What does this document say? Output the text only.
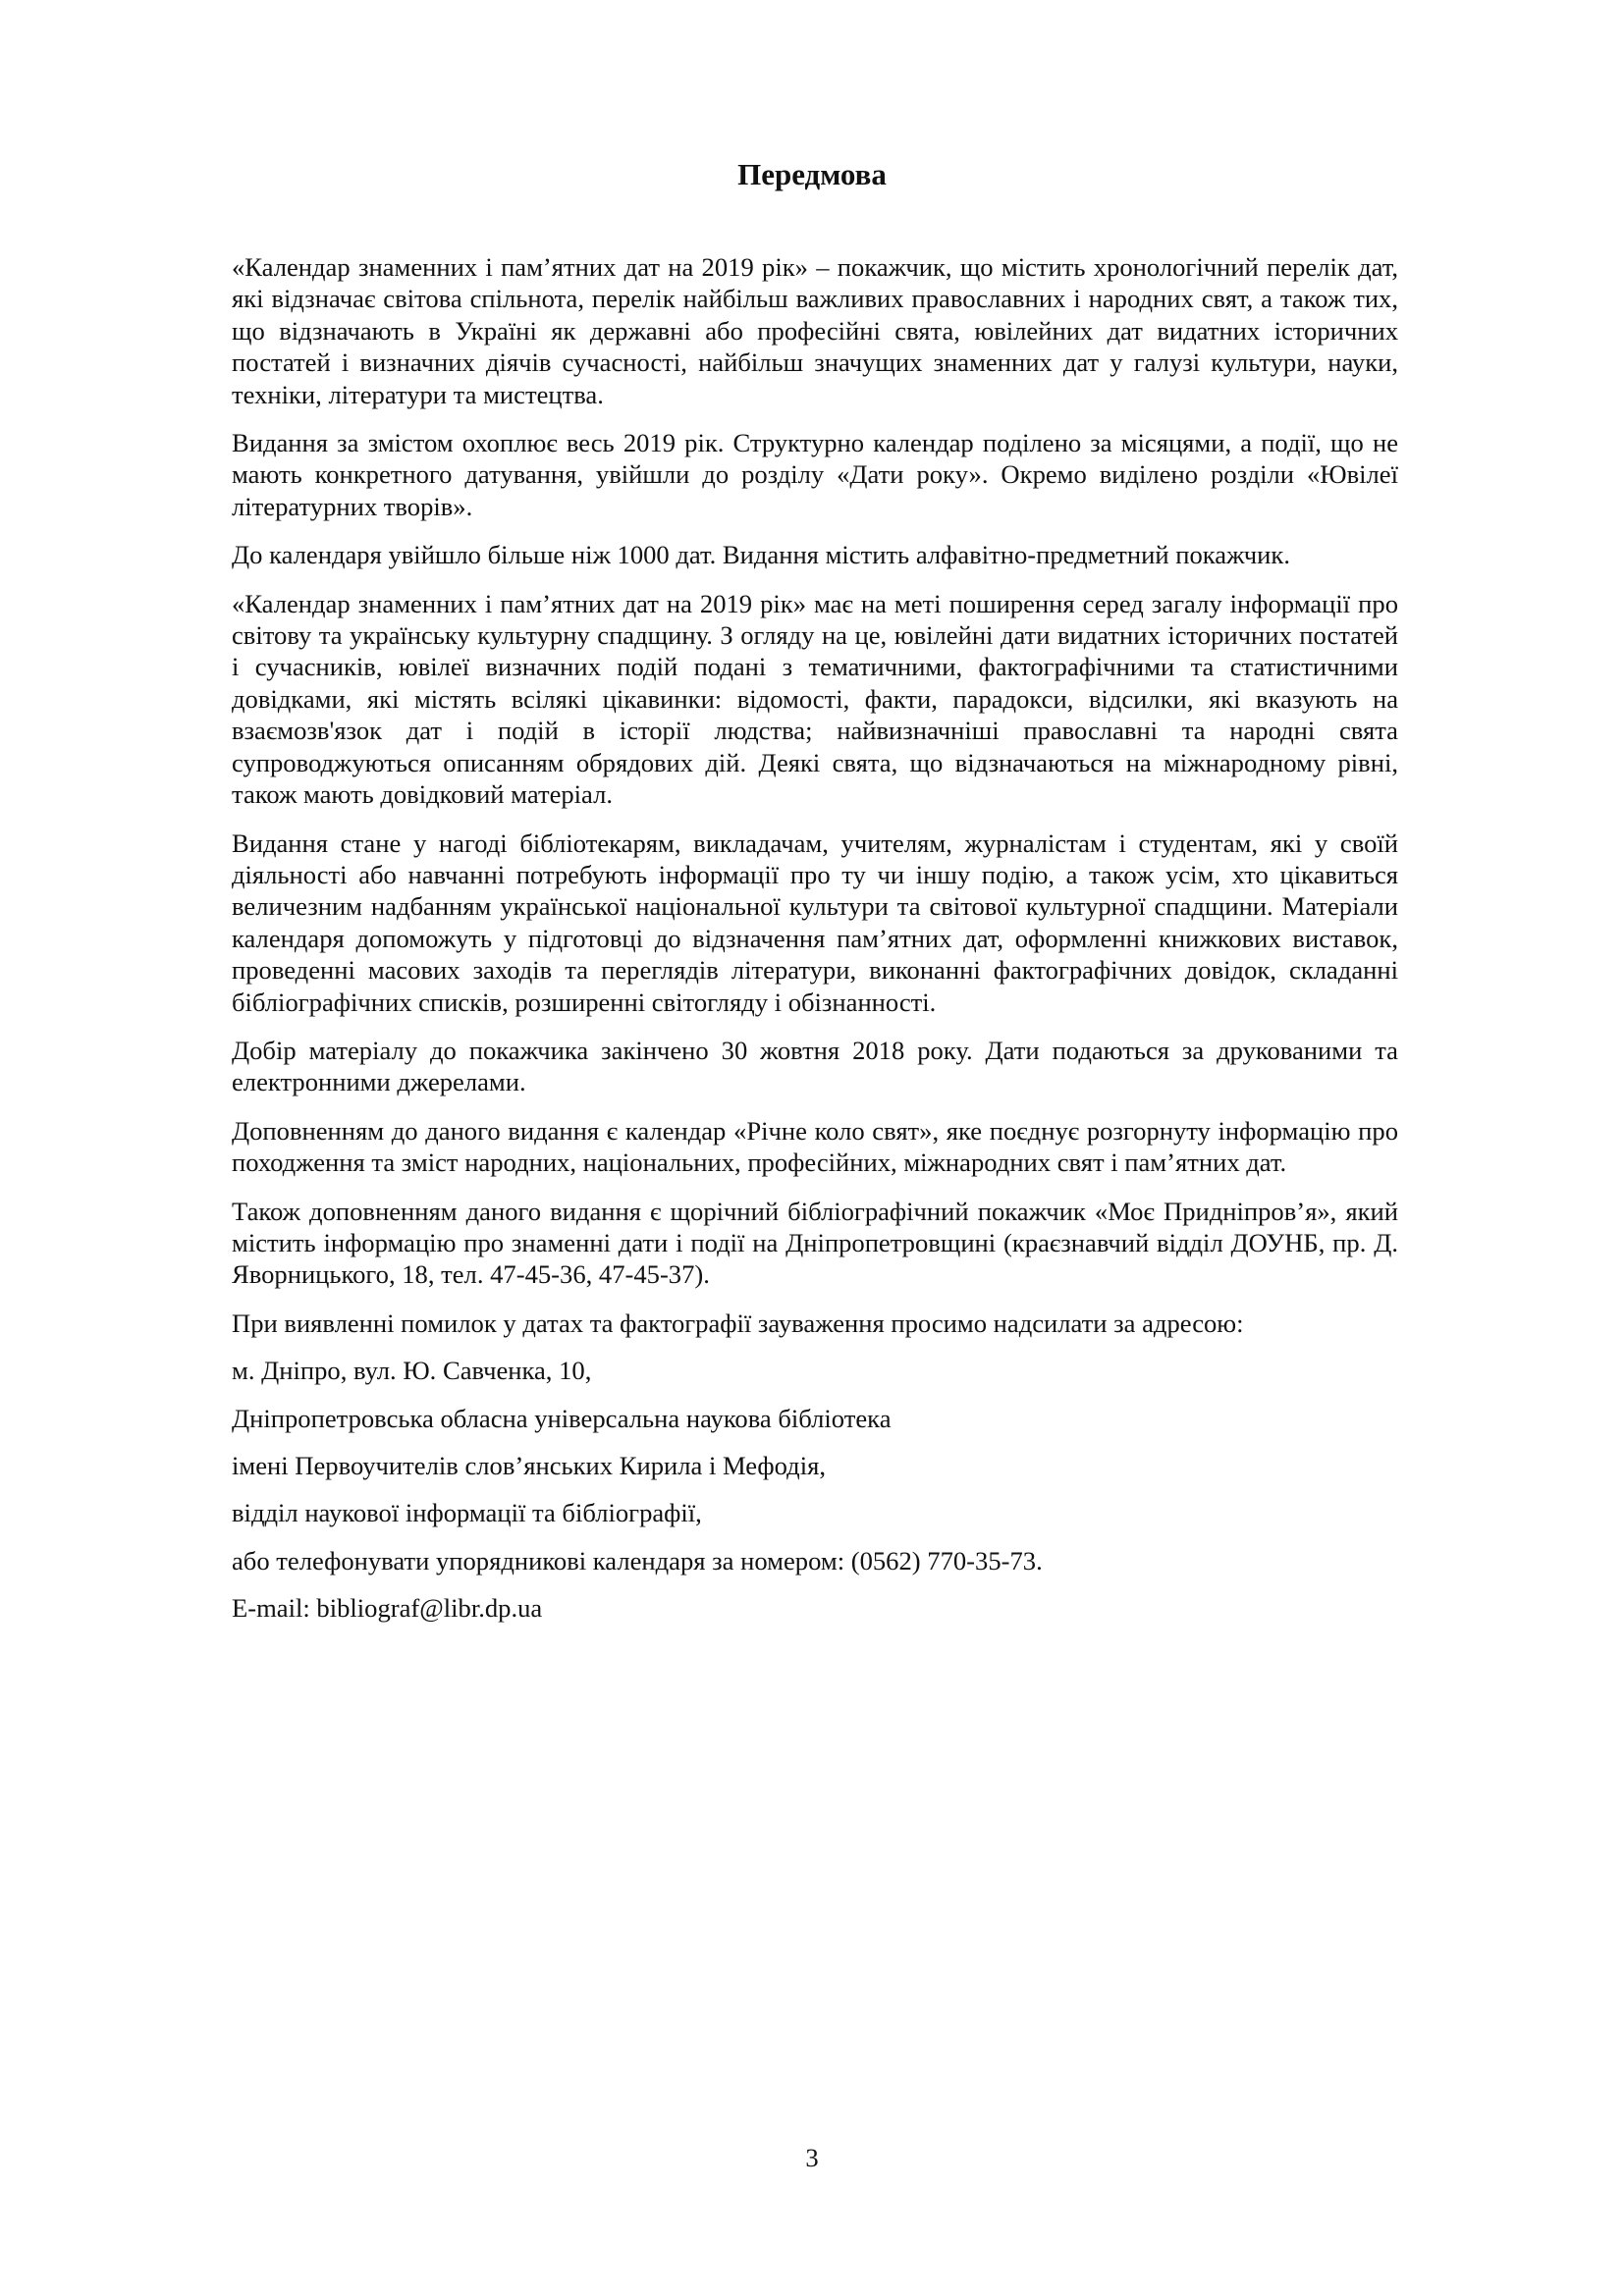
Передмова

«Календар знаменних і пам’ятних дат на 2019 рік» – покажчик, що містить хронологічний перелік дат, які відзначає світова спільнота, перелік найбільш важливих православних і народних свят, а також тих, що відзначають в Україні як державні або професійні свята, ювілейних дат видатних історичних постатей і визначних діячів сучасності, найбільш значущих знаменних дат у галузі культури, науки, техніки, літератури та мистецтва.

Видання за змістом охоплює весь 2019 рік. Структурно календар поділено за місяцями, а події, що не мають конкретного датування, увійшли до розділу «Дати року». Окремо виділено розділи «Ювілеї літературних творів».

До календаря увійшло більше ніж 1000 дат. Видання містить алфавітно-предметний покажчик.

«Календар знаменних і пам’ятних дат на 2019 рік» має на меті поширення серед загалу інформації про світову та українську культурну спадщину. З огляду на це, ювілейні дати видатних історичних постатей і сучасників, ювілеї визначних подій подані з тематичними, фактографічними та статистичними довідками, які містять всілякі цікавинки: відомості, факти, парадокси, відсилки, які вказують на взаємозв'язок дат і подій в історії людства; найвизначніші православні та народні свята супроводжуються описанням обрядових дій. Деякі свята, що відзначаються на міжнародному рівні, також мають довідковий матеріал.

Видання стане у нагоді бібліотекарям, викладачам, учителям, журналістам і студентам, які у своїй діяльності або навчанні потребують інформації про ту чи іншу подію, а також усім, хто цікавиться величезним надбанням української національної культури та світової культурної спадщини. Матеріали календаря допоможуть у підготовці до відзначення пам’ятних дат, оформленні книжкових виставок, проведенні масових заходів та переглядів літератури, виконанні фактографічних довідок, складанні бібліографічних списків, розширенні світогляду і обізнанності.

Добір матеріалу до покажчика закінчено 30 жовтня 2018 року. Дати подаються за друкованими та електронними джерелами.

Доповненням до даного видання є календар «Річне коло свят», яке поєднує розгорнуту інформацію про походження та зміст народних, національних, професійних, міжнародних свят і пам’ятних дат.

Також доповненням даного видання є щорічний бібліографічний покажчик «Моє Придніпров’я», який містить інформацію про знаменні дати і події на Дніпропетровщині (краєзнавчий відділ ДОУНБ, пр. Д. Яворницького, 18, тел. 47-45-36, 47-45-37).

При виявленні помилок у датах та фактографії зауваження просимо надсилати за адресою:

м. Дніпро, вул. Ю. Савченка, 10,

Дніпропетровська обласна універсальна наукова бібліотека

імені Первоучителів слов’янських Кирила і Мефодія,

відділ наукової інформації та бібліографії,

або телефонувати упорядникові календаря за номером: (0562) 770-35-73.

E-mail: bibliograf@libr.dp.ua

3
